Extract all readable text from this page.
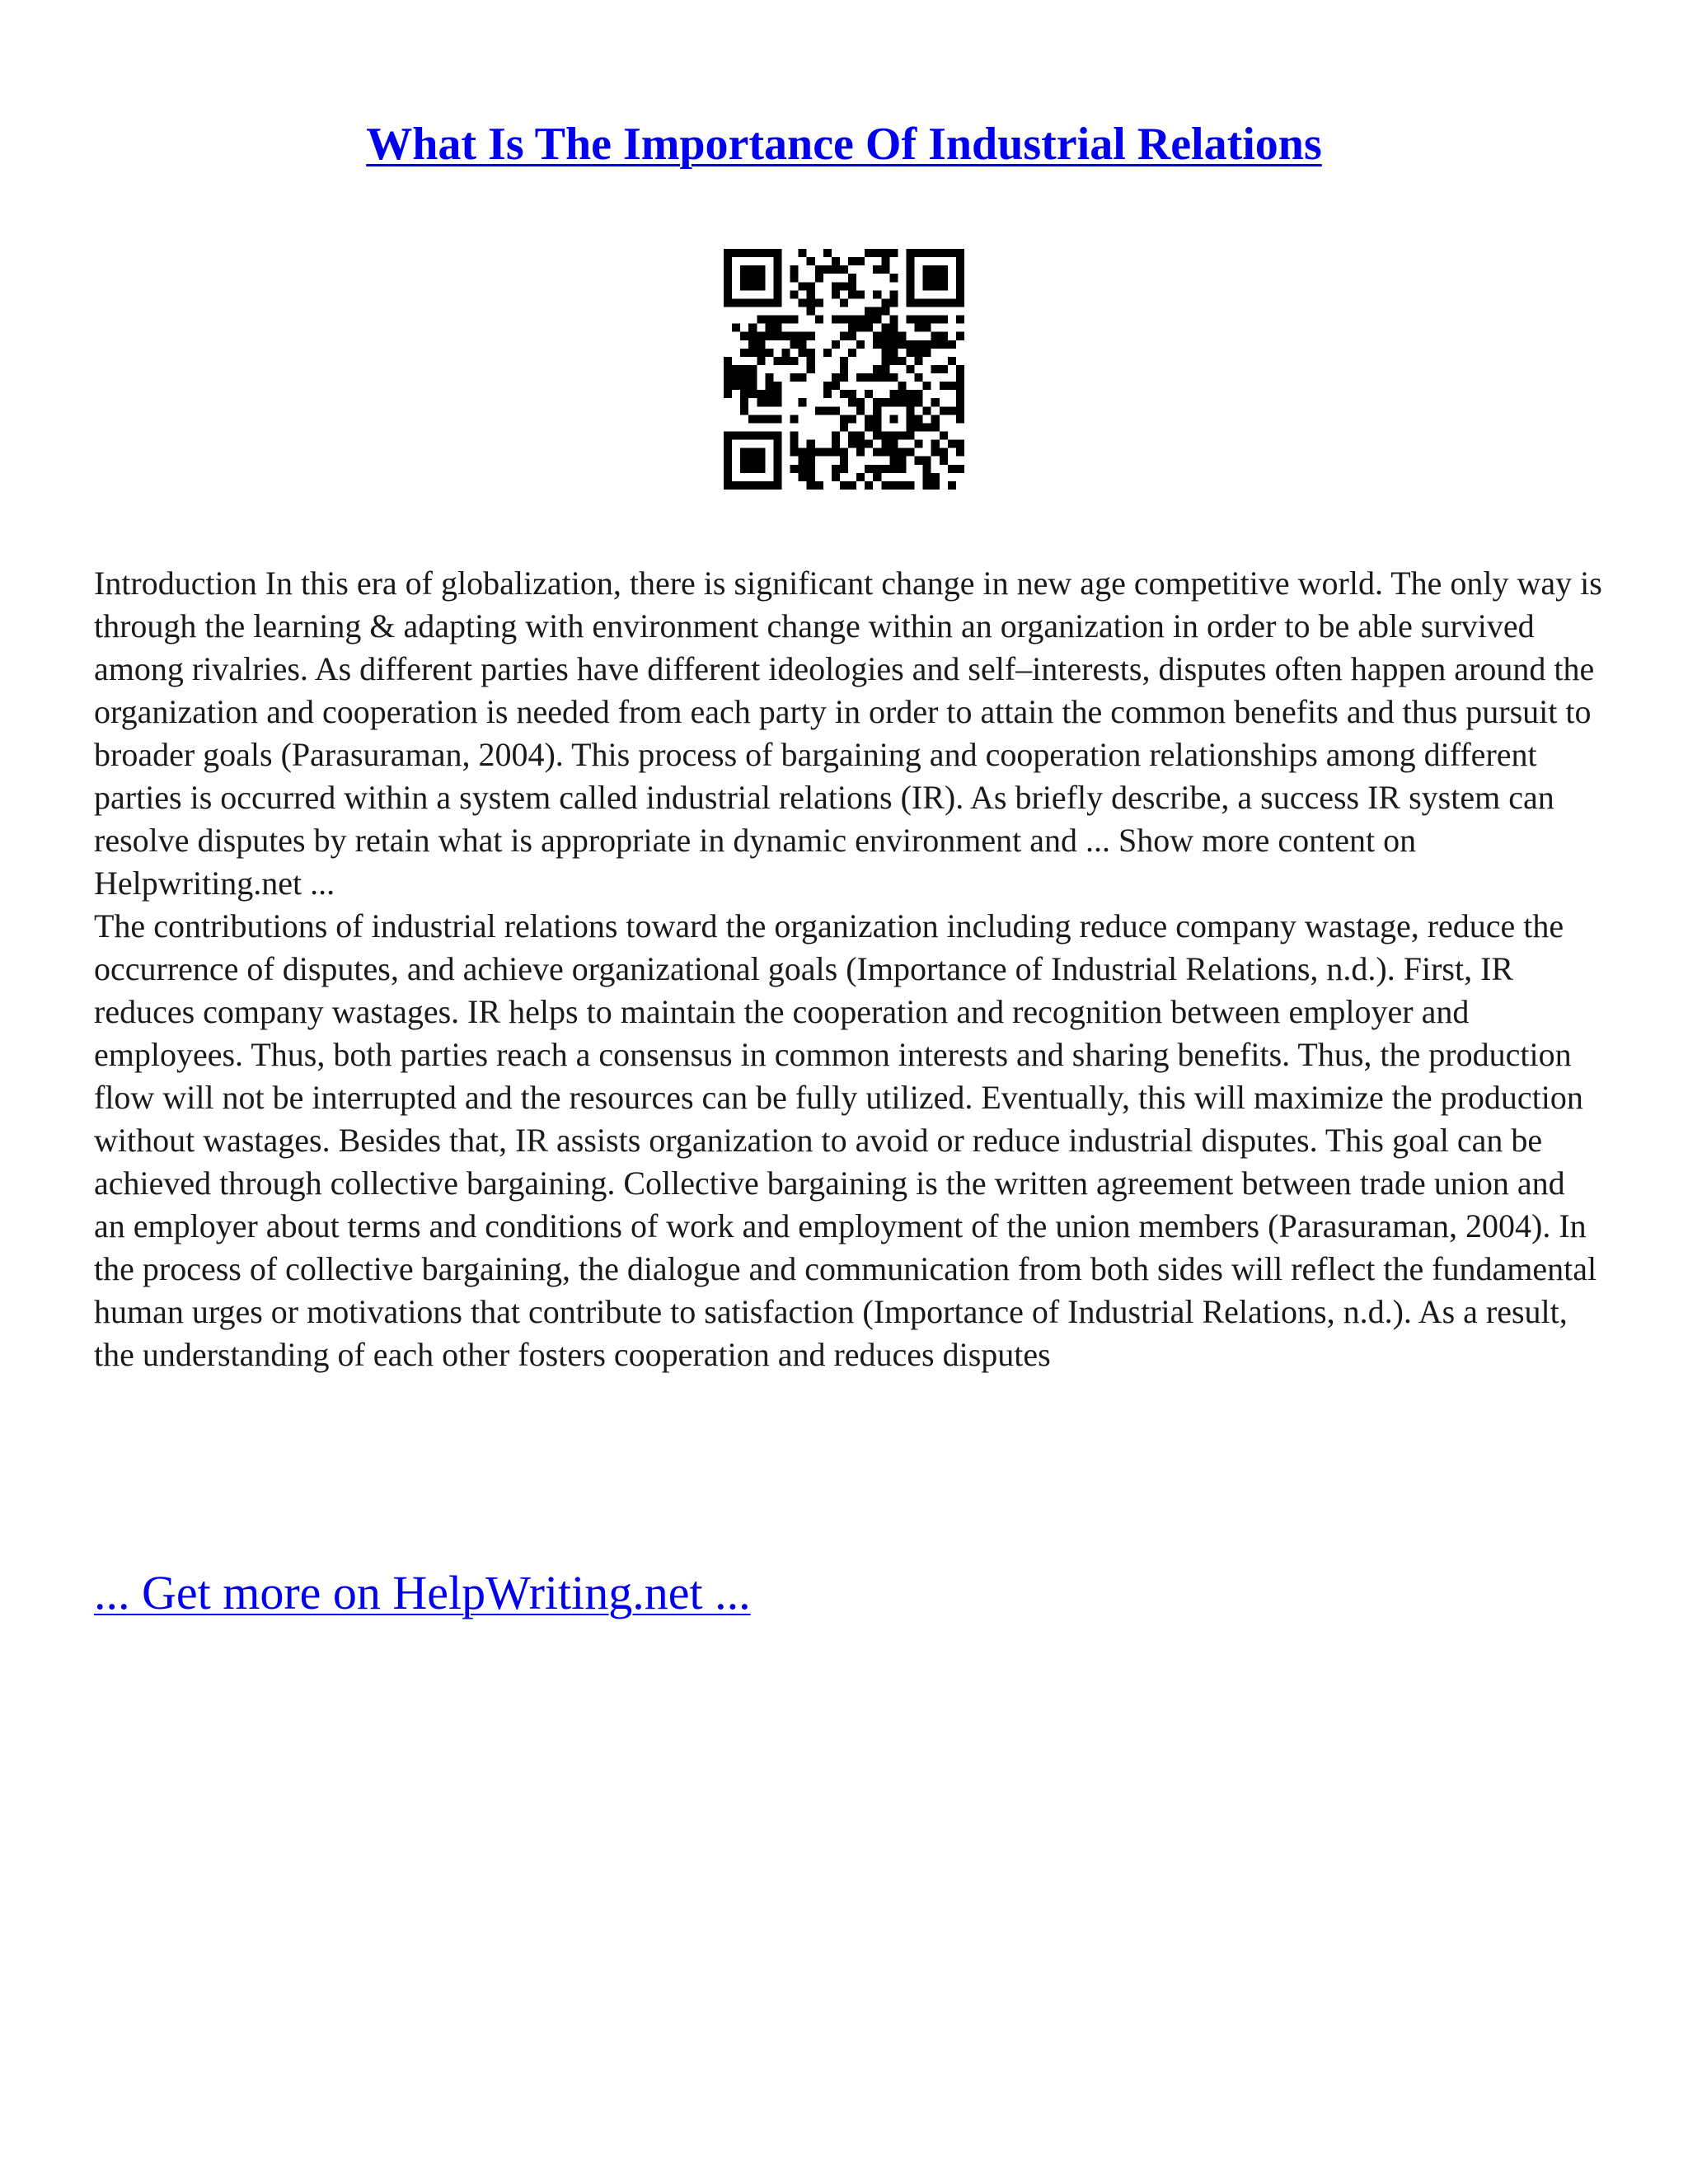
What Is The Importance Of Industrial Relations

Introduction In this era of globalization, there is significant change in new age competitive world. The only way is through the learning & adapting with environment change within an organization in order to be able survived among rivalries. As different parties have different ideologies and self–interests, disputes often happen around the organization and cooperation is needed from each party in order to attain the common benefits and thus pursuit to broader goals (Parasuraman, 2004). This process of bargaining and cooperation relationships among different parties is occurred within a system called industrial relations (IR). As briefly describe, a success IR system can resolve disputes by retain what is appropriate in dynamic environment and ... Show more content on Helpwriting.net ...

The contributions of industrial relations toward the organization including reduce company wastage, reduce the occurrence of disputes, and achieve organizational goals (Importance of Industrial Relations, n.d.). First, IR reduces company wastages. IR helps to maintain the cooperation and recognition between employer and employees. Thus, both parties reach a consensus in common interests and sharing benefits. Thus, the production flow will not be interrupted and the resources can be fully utilized. Eventually, this will maximize the production without wastages. Besides that, IR assists organization to avoid or reduce industrial disputes. This goal can be achieved through collective bargaining. Collective bargaining is the written agreement between trade union and an employer about terms and conditions of work and employment of the union members (Parasuraman, 2004). In the process of collective bargaining, the dialogue and communication from both sides will reflect the fundamental human urges or motivations that contribute to satisfaction (Importance of Industrial Relations, n.d.). As a result, the understanding of each other fosters cooperation and reduces disputes

... Get more on HelpWriting.net ...
